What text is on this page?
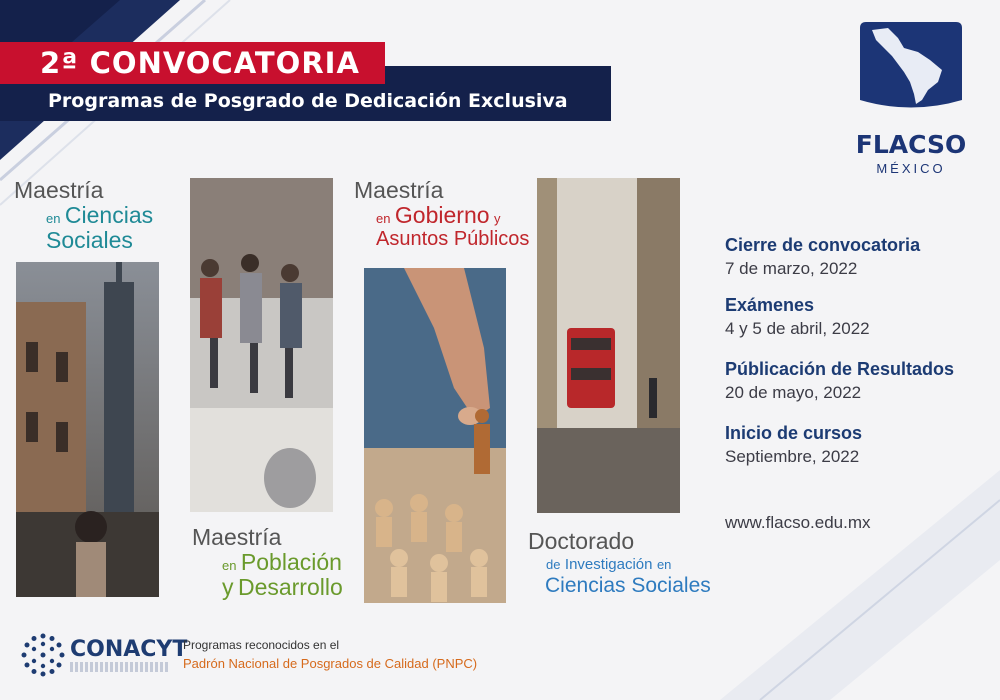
Programas de Posgrado de Dedicación Exclusiva
2ª CONVOCATORIA
FLACSO
MÉXICO
Maestría
en Ciencias
Sociales
Maestría
en Población
y Desarrollo
Maestría
en Gobierno y
Asuntos Públicos
Doctorado
de Investigación en
Ciencias Sociales
Cierre de convocatoria
7 de marzo, 2022
Exámenes
4 y 5 de abril, 2022
Públicación de Resultados
20 de mayo, 2022
Inicio de cursos
Septiembre, 2022
www.flacso.edu.mx
CONACYT
Programas reconocidos en el
Padrón Nacional de Posgrados de Calidad (PNPC)
